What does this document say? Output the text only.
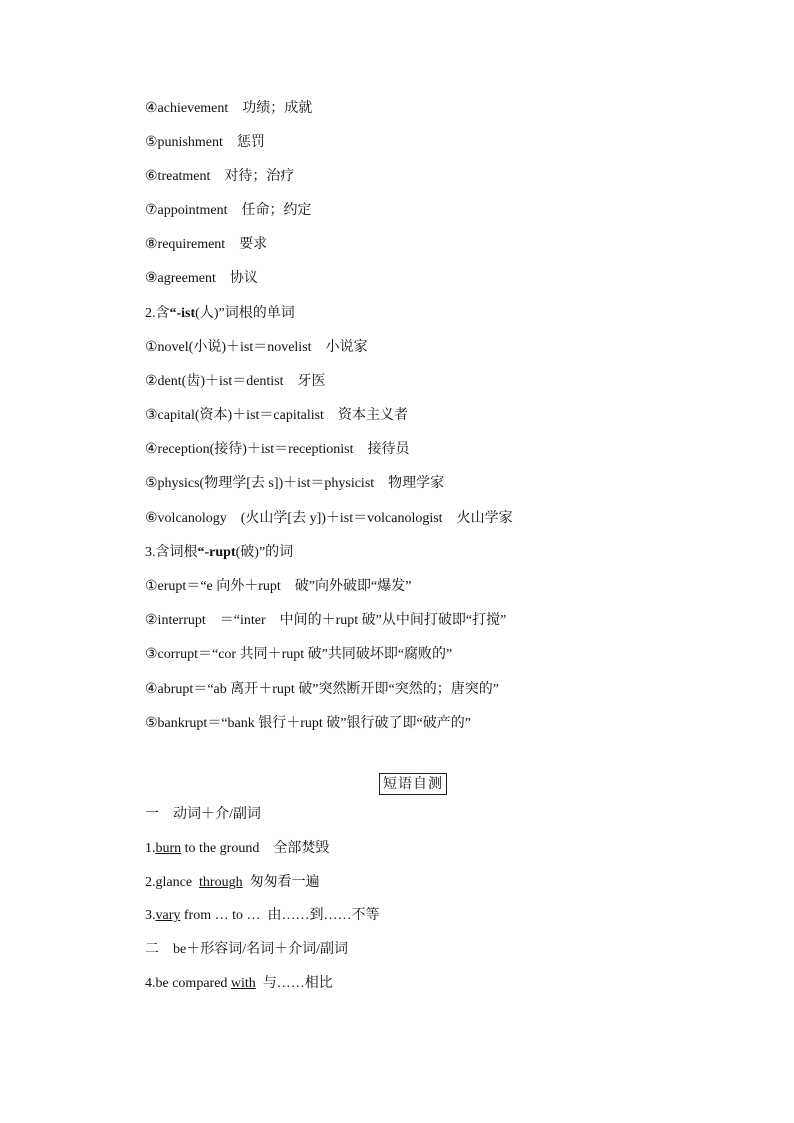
④achievement　功绩；成就
⑤punishment　惩罚
⑥treatment　对待；治疗
⑦appointment　任命；约定
⑧requirement　要求
⑨agreement　协议
2.含“-ist(人)”词根的单词
①novel(小说)＋ist＝novelist　小说家
②dent(齿)＋ist＝dentist　牙医
③capital(资本)＋ist＝capitalist　资本主义者
④reception(接待)＋ist＝receptionist　接待员
⑤physics(物理学[去 s])＋ist＝physicist　物理学家
⑥volcanology　(火山学[去 y])＋ist＝volcanologist　火山学家
3.含词根“-rupt(破)”的词
①erupt＝“e 向外＋rupt　破”向外破即“爆发”
②interrupt　＝“inter　中间的＋rupt 破”从中间打破即“打搅”
③corrupt＝“cor 共同＋rupt 破”共同破坏即“腐败的”
④abrupt＝“ab 离开＋rupt 破”突然断开即“突然的；唐突的”
⑤bankrupt＝“bank 银行＋rupt 破”银行破了即“破产的”
短语自测
一　动词＋介/副词
1.burn to the ground　全部焚毁
2.glance  through  匆匆看一遍
3.vary from … to …  由……到……不等
二　be＋形容词/名词＋介词/副词
4.be compared with  与……相比
